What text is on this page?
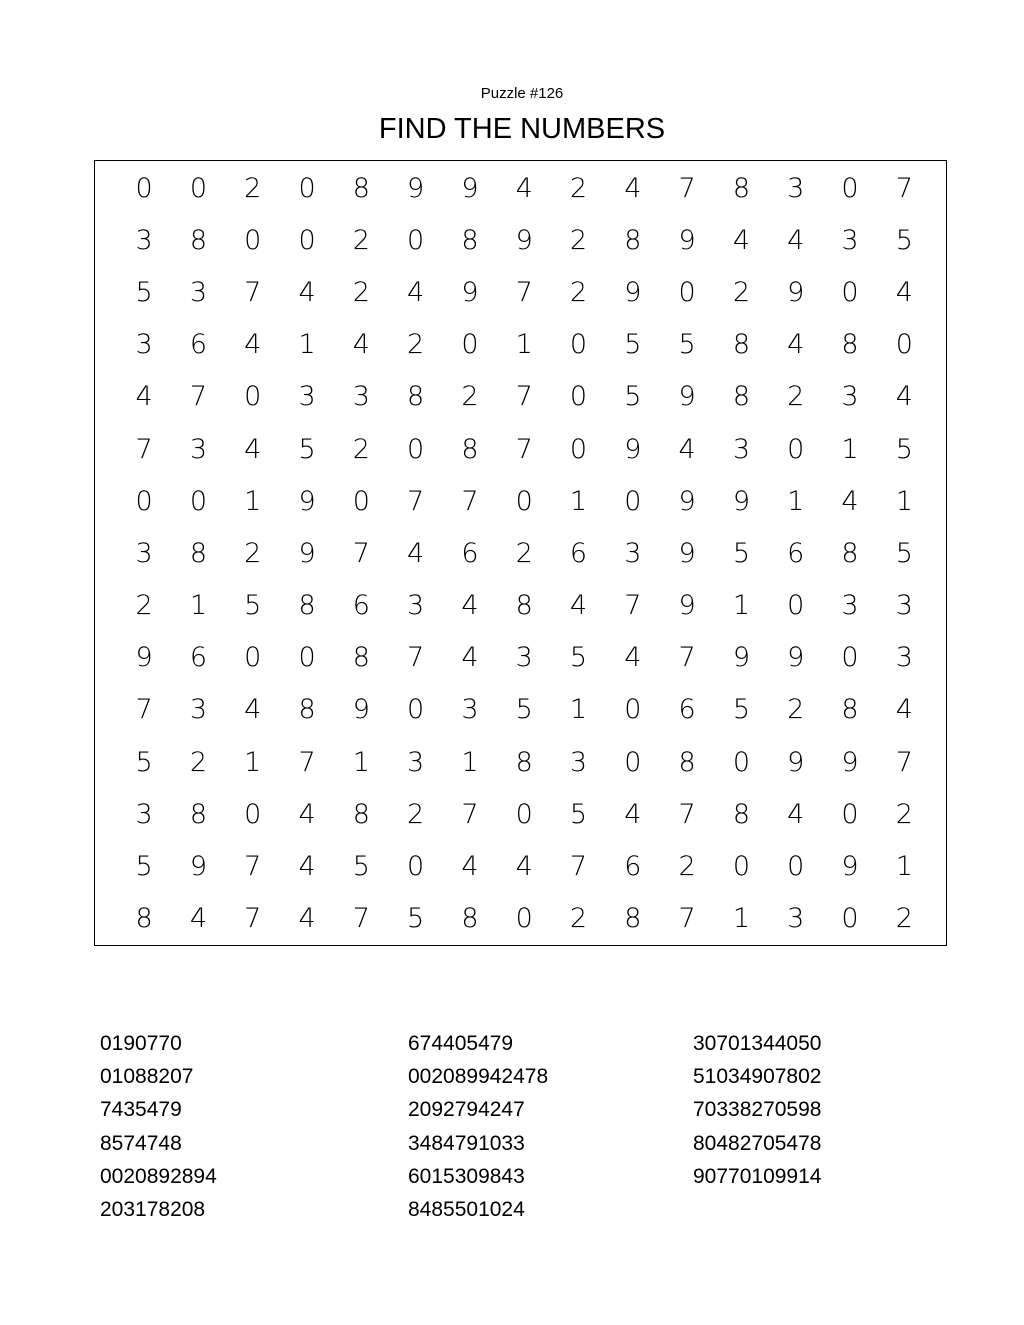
Puzzle #126
FIND THE NUMBERS
0	0	2	0	8	9	9	4	2	4	7	8	3	0	7
3	8	0	0	2	0	8	9	2	8	9	4	4	3	5
5	3	7	4	2	4	9	7	2	9	0	2	9	0	4
3	6	4	1	4	2	0	1	0	5	5	8	4	8	0
4	7	0	3	3	8	2	7	0	5	9	8	2	3	4
7	3	4	5	2	0	8	7	0	9	4	3	0	1	5
0	0	1	9	0	7	7	0	1	0	9	9	1	4	1
3	8	2	9	7	4	6	2	6	3	9	5	6	8	5
2	1	5	8	6	3	4	8	4	7	9	1	0	3	3
9	6	0	0	8	7	4	3	5	4	7	9	9	0	3
7	3	4	8	9	0	3	5	1	0	6	5	2	8	4
5	2	1	7	1	3	1	8	3	0	8	0	9	9	7
3	8	0	4	8	2	7	0	5	4	7	8	4	0	2
5	9	7	4	5	0	4	4	7	6	2	0	0	9	1
8	4	7	4	7	5	8	0	2	8	7	1	3	0	2
0190770
01088207
7435479
8574748
0020892894
203178208
674405479
002089942478
2092794247
3484791033
6015309843
8485501024
30701344050
51034907802
70338270598
80482705478
90770109914
